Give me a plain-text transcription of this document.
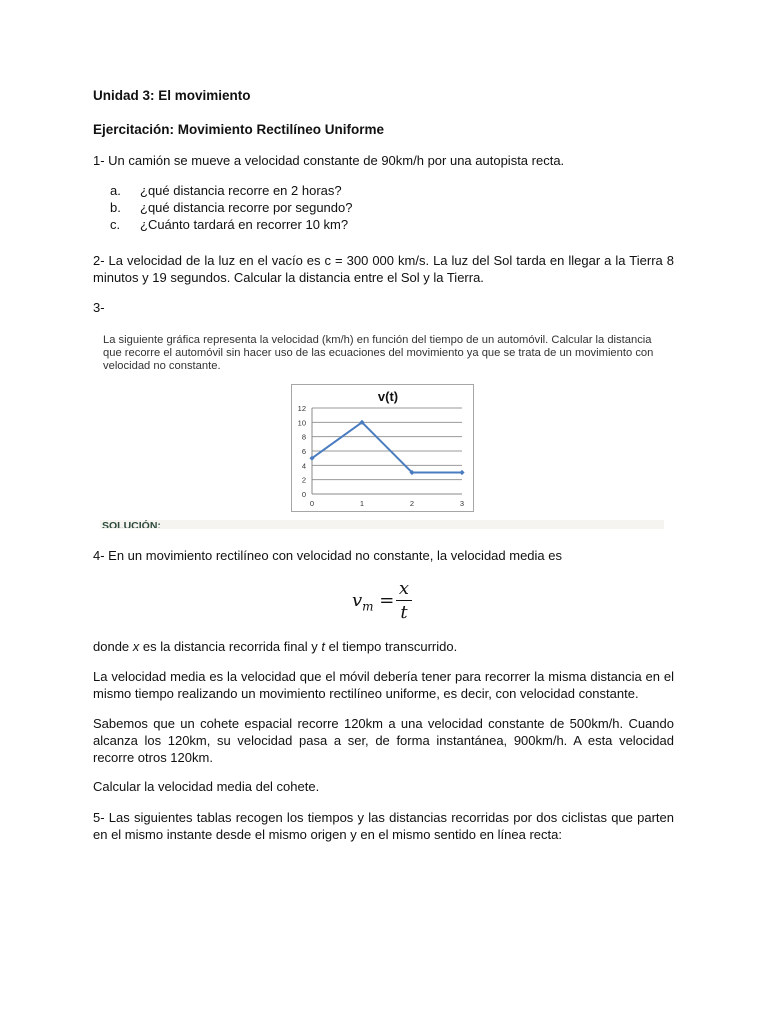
Unidad 3: El movimiento
Ejercitación: Movimiento Rectilíneo Uniforme
1- Un camión se mueve a velocidad constante de 90km/h por una autopista recta.
a.	¿qué distancia recorre en 2 horas?
b.	¿qué distancia recorre por segundo?
c.	¿Cuánto tardará en recorrer 10 km?
2- La velocidad de la luz en el vacío es c = 300 000 km/s. La luz del Sol tarda en llegar a la Tierra 8 minutos y 19 segundos. Calcular la distancia entre el Sol y la Tierra.
3-
La siguiente gráfica representa la velocidad (km/h) en función del tiempo de un automóvil. Calcular la distancia que recorre el automóvil sin hacer uso de las ecuaciones del movimiento ya que se trata de un movimiento con velocidad no constante.
v(t)
0
2
4
6
8
10
12
0	1	2	3
SOLUCIÓN:
4- En un movimiento rectilíneo con velocidad no constante, la velocidad media es
$v_m$ =
x
t
donde x es la distancia recorrida final y t el tiempo transcurrido.
La velocidad media es la velocidad que el móvil debería tener para recorrer la misma distancia en el mismo tiempo realizando un movimiento rectilíneo uniforme, es decir, con velocidad constante.
Sabemos que un cohete espacial recorre 120km a una velocidad constante de 500km/h. Cuando alcanza los 120km, su velocidad pasa a ser, de forma instantánea, 900km/h. A esta velocidad recorre otros 120km.
Calcular la velocidad media del cohete.
5- Las siguientes tablas recogen los tiempos y las distancias recorridas por dos ciclistas que parten en el mismo instante desde el mismo origen y en el mismo sentido en línea recta:
